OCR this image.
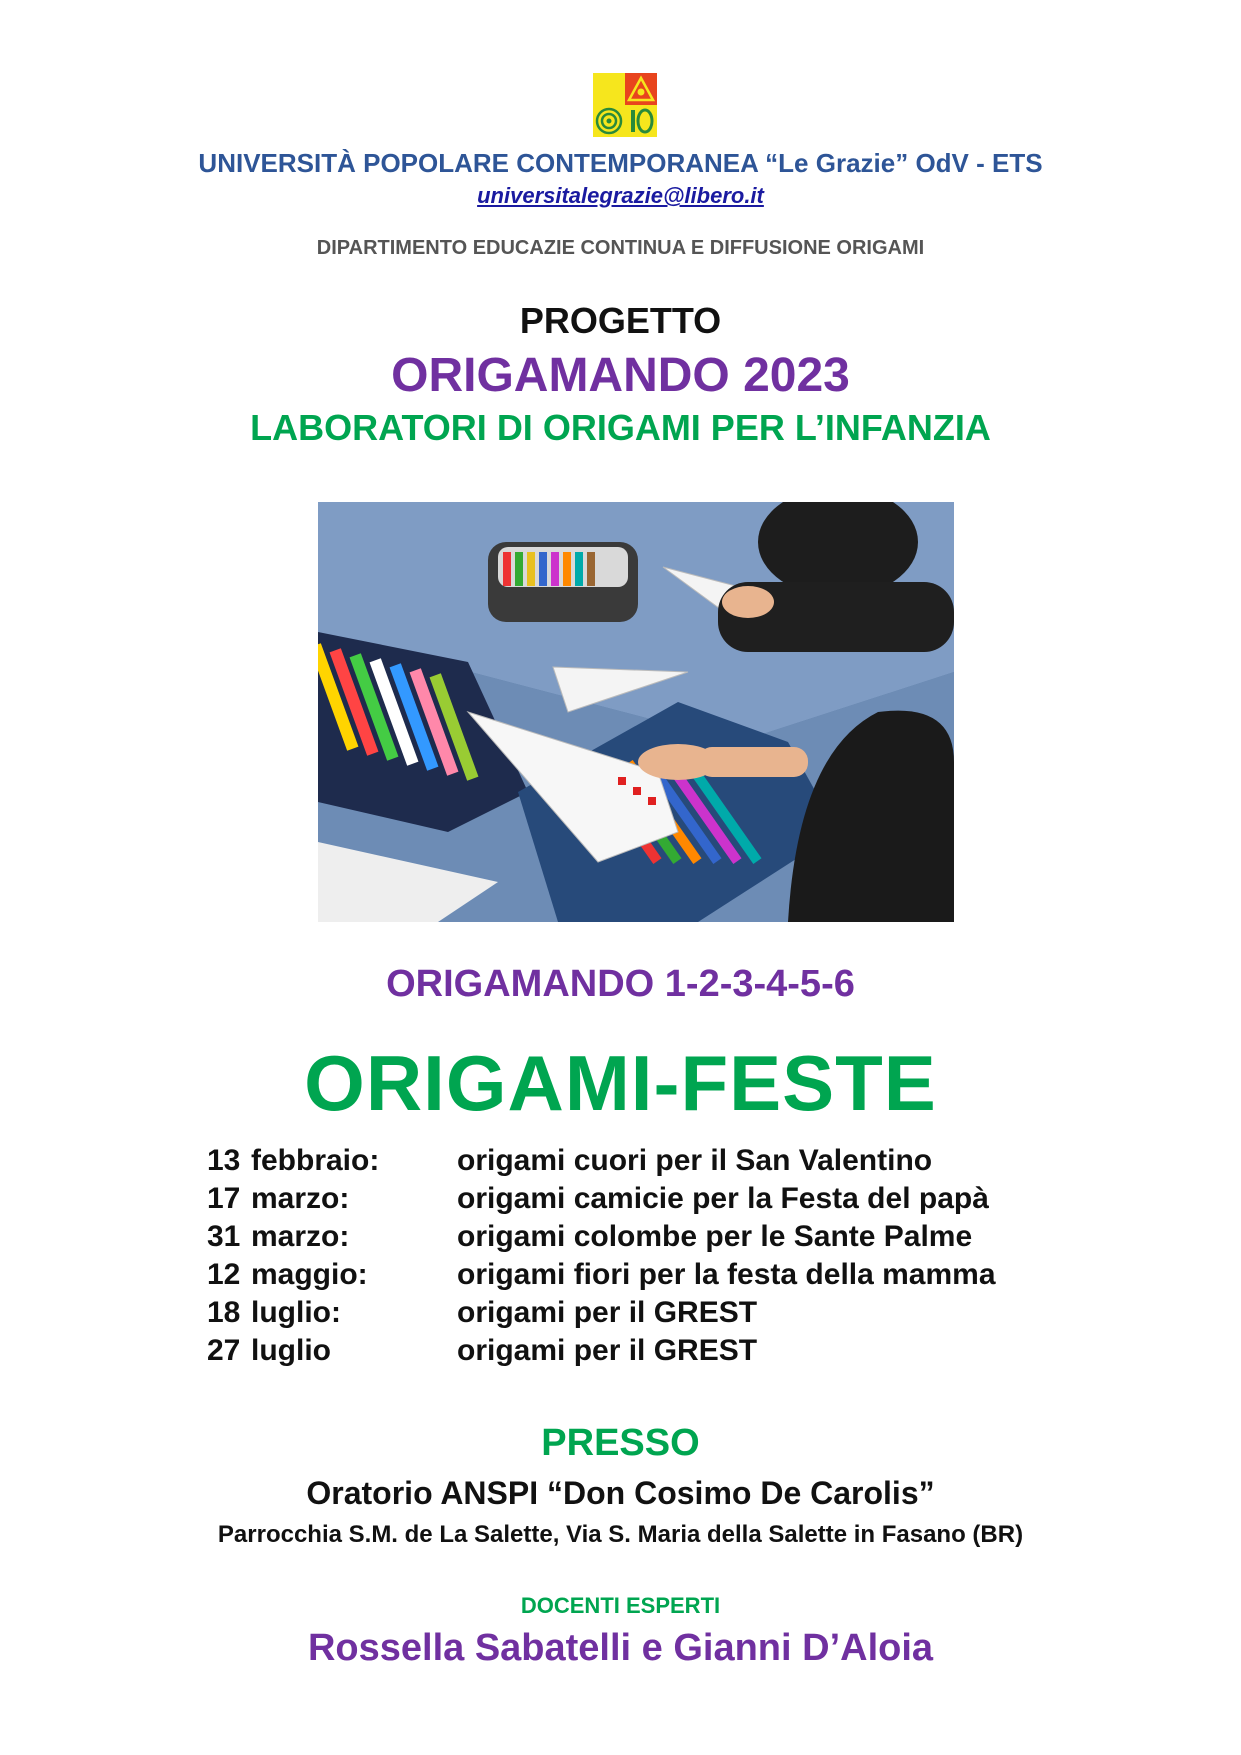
UNIVERSITÀ POPOLARE CONTEMPORANEA “Le Grazie” OdV - ETS
universitalegrazie@libero.it
DIPARTIMENTO EDUCAZIE CONTINUA E DIFFUSIONE ORIGAMI
PROGETTO
ORIGAMANDO 2023
LABORATORI DI ORIGAMI PER L’INFANZIA
ORIGAMANDO 1-2-3-4-5-6
ORIGAMI-FESTE
13 febbraio:	origami cuori per il San Valentino
17 marzo:	origami camicie per la Festa del papà
31 marzo:	origami colombe per le Sante Palme
12 maggio:	origami fiori per la festa della mamma
18 luglio:	origami per il GREST
27 luglio	origami per il GREST
PRESSO
Oratorio ANSPI “Don Cosimo De Carolis”
Parrocchia S.M. de La Salette, Via S. Maria della Salette in Fasano (BR)
DOCENTI ESPERTI
Rossella Sabatelli e Gianni D’Aloia
